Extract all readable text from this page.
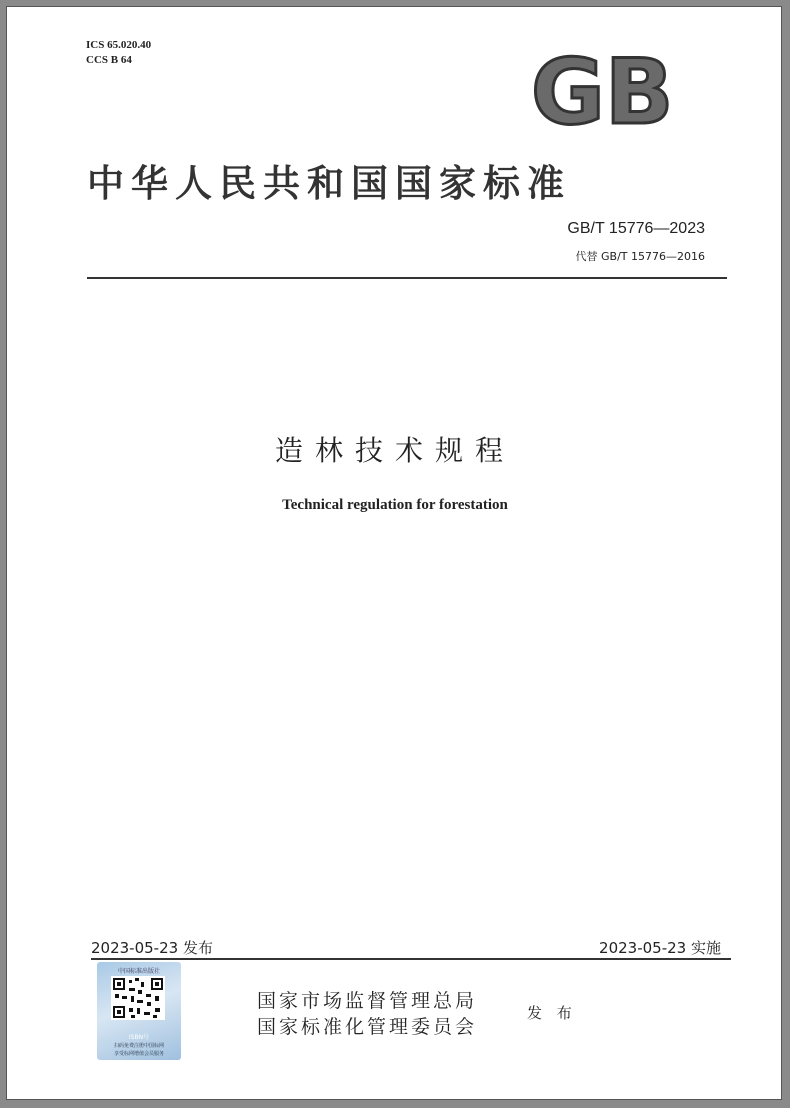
ICS 65.020.40
CCS B 64	GB
中华人民共和国国家标准
GB/T 15776—2023
代替 GB/T 15776—2016
造林技术规程
Technical regulation for forestation
2023-05-23 发布	2023-05-23 实施
中国标准出版社
ISBN号
扫码免费注册中国标网
享受标网增值会员服务
国家市场监督管理总局
国家标准化管理委员会
发 布
